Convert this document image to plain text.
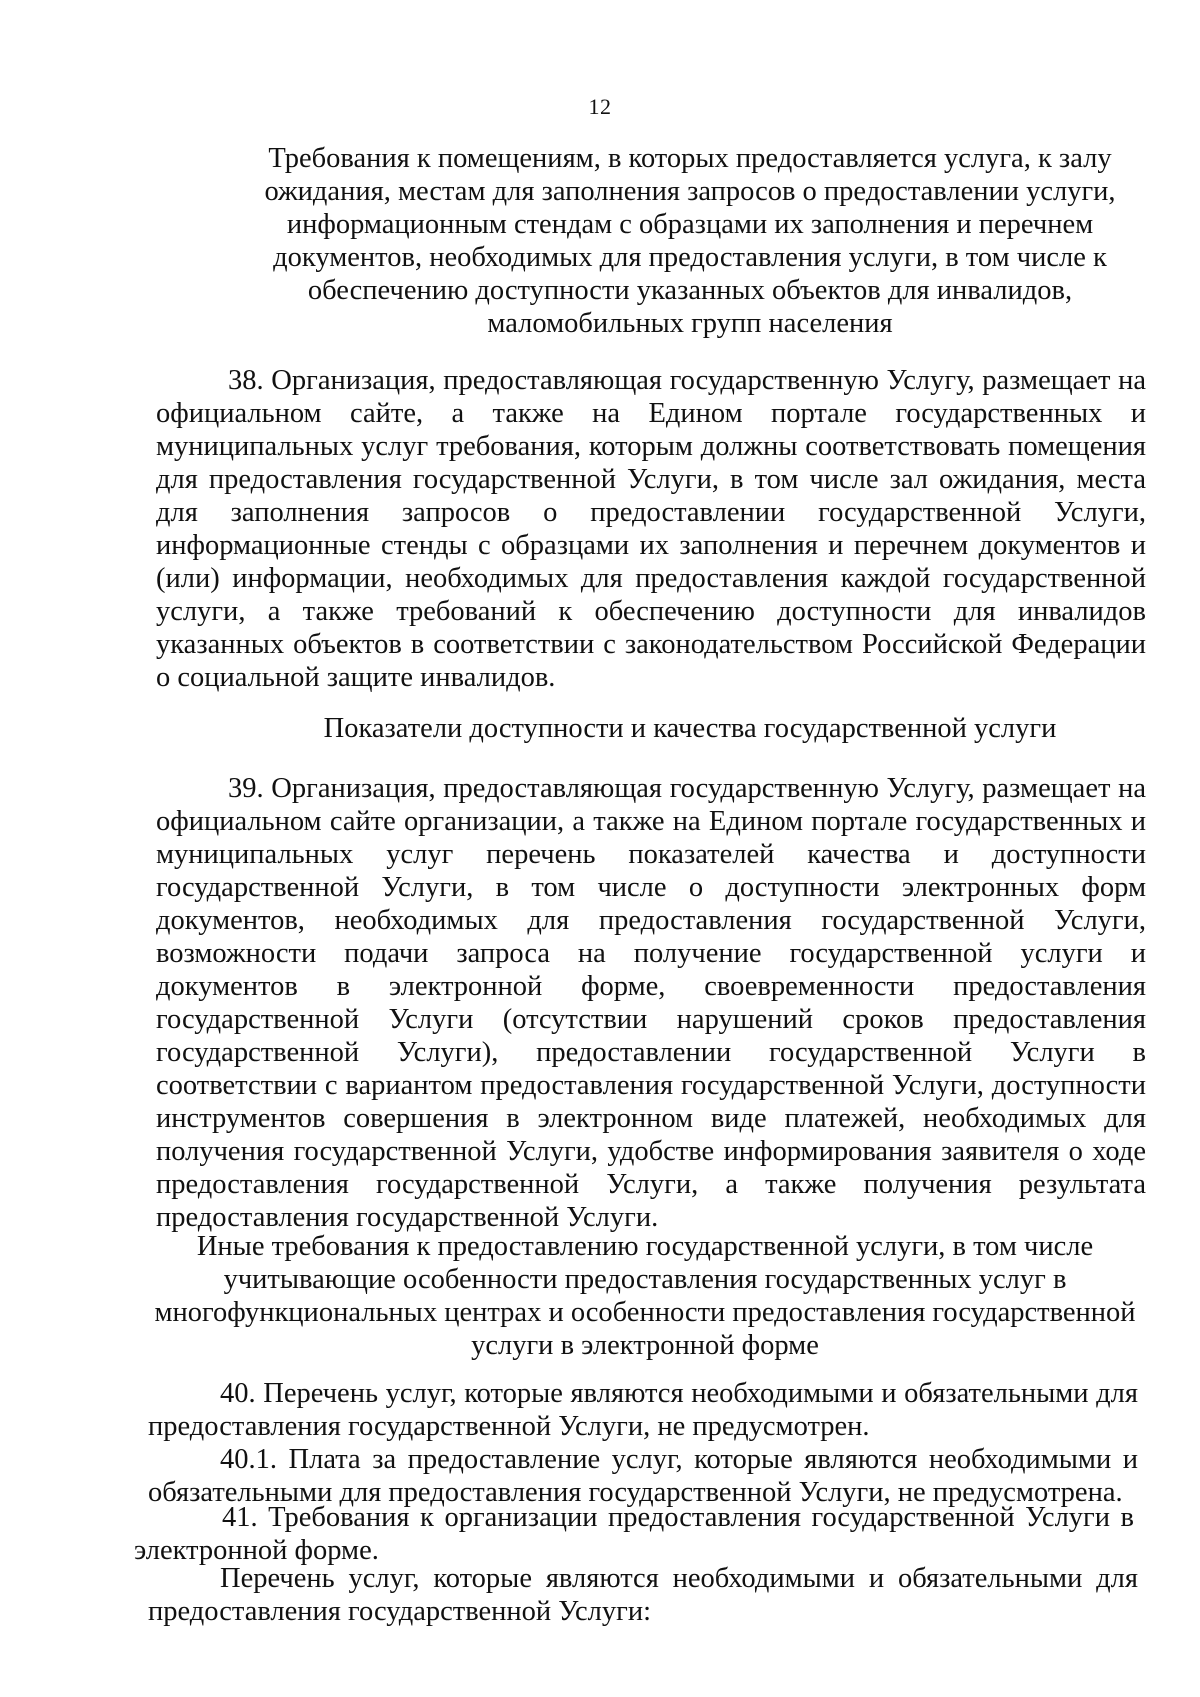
12
Требования к помещениям, в которых предоставляется услуга, к залу ожидания, местам для заполнения запросов о предоставлении услуги, информационным стендам с образцами их заполнения и перечнем документов, необходимых для предоставления услуги, в том числе к обеспечению доступности указанных объектов для инвалидов, маломобильных групп населения

38. Организация, предоставляющая государственную Услугу, размещает на официальном сайте, а также на Едином портале государственных и муниципальных услуг требования, которым должны соответствовать помещения для предоставления государственной Услуги, в том числе зал ожидания, места для заполнения запросов о предоставлении государственной Услуги, информационные стенды с образцами их заполнения и перечнем документов и (или) информации, необходимых для предоставления каждой государственной услуги, а также требований к обеспечению доступности для инвалидов указанных объектов в соответствии с законодательством Российской Федерации о социальной защите инвалидов.

Показатели доступности и качества государственной услуги

39. Организация, предоставляющая государственную Услугу, размещает на официальном сайте организации, а также на Едином портале государственных и муниципальных услуг перечень показателей качества и доступности государственной Услуги, в том числе о доступности электронных форм документов, необходимых для предоставления государственной Услуги, возможности подачи запроса на получение государственной услуги и документов в электронной форме, своевременности предоставления государственной Услуги (отсутствии нарушений сроков предоставления государственной Услуги), предоставлении государственной Услуги в соответствии с вариантом предоставления государственной Услуги, доступности инструментов совершения в электронном виде платежей, необходимых для получения государственной Услуги, удобстве информирования заявителя о ходе предоставления государственной Услуги, а также получения результата предоставления государственной Услуги.

Иные требования к предоставлению государственной услуги, в том числе учитывающие особенности предоставления государственных услуг в многофункциональных центрах и особенности предоставления государственной услуги в электронной форме

40. Перечень услуг, которые являются необходимыми и обязательными для предоставления государственной Услуги, не предусмотрен.

40.1. Плата за предоставление услуг, которые являются необходимыми и обязательными для предоставления государственной Услуги, не предусмотрена.

41. Требования к организации предоставления государственной Услуги в электронной форме.

Перечень услуг, которые являются необходимыми и обязательными для предоставления государственной Услуги:
